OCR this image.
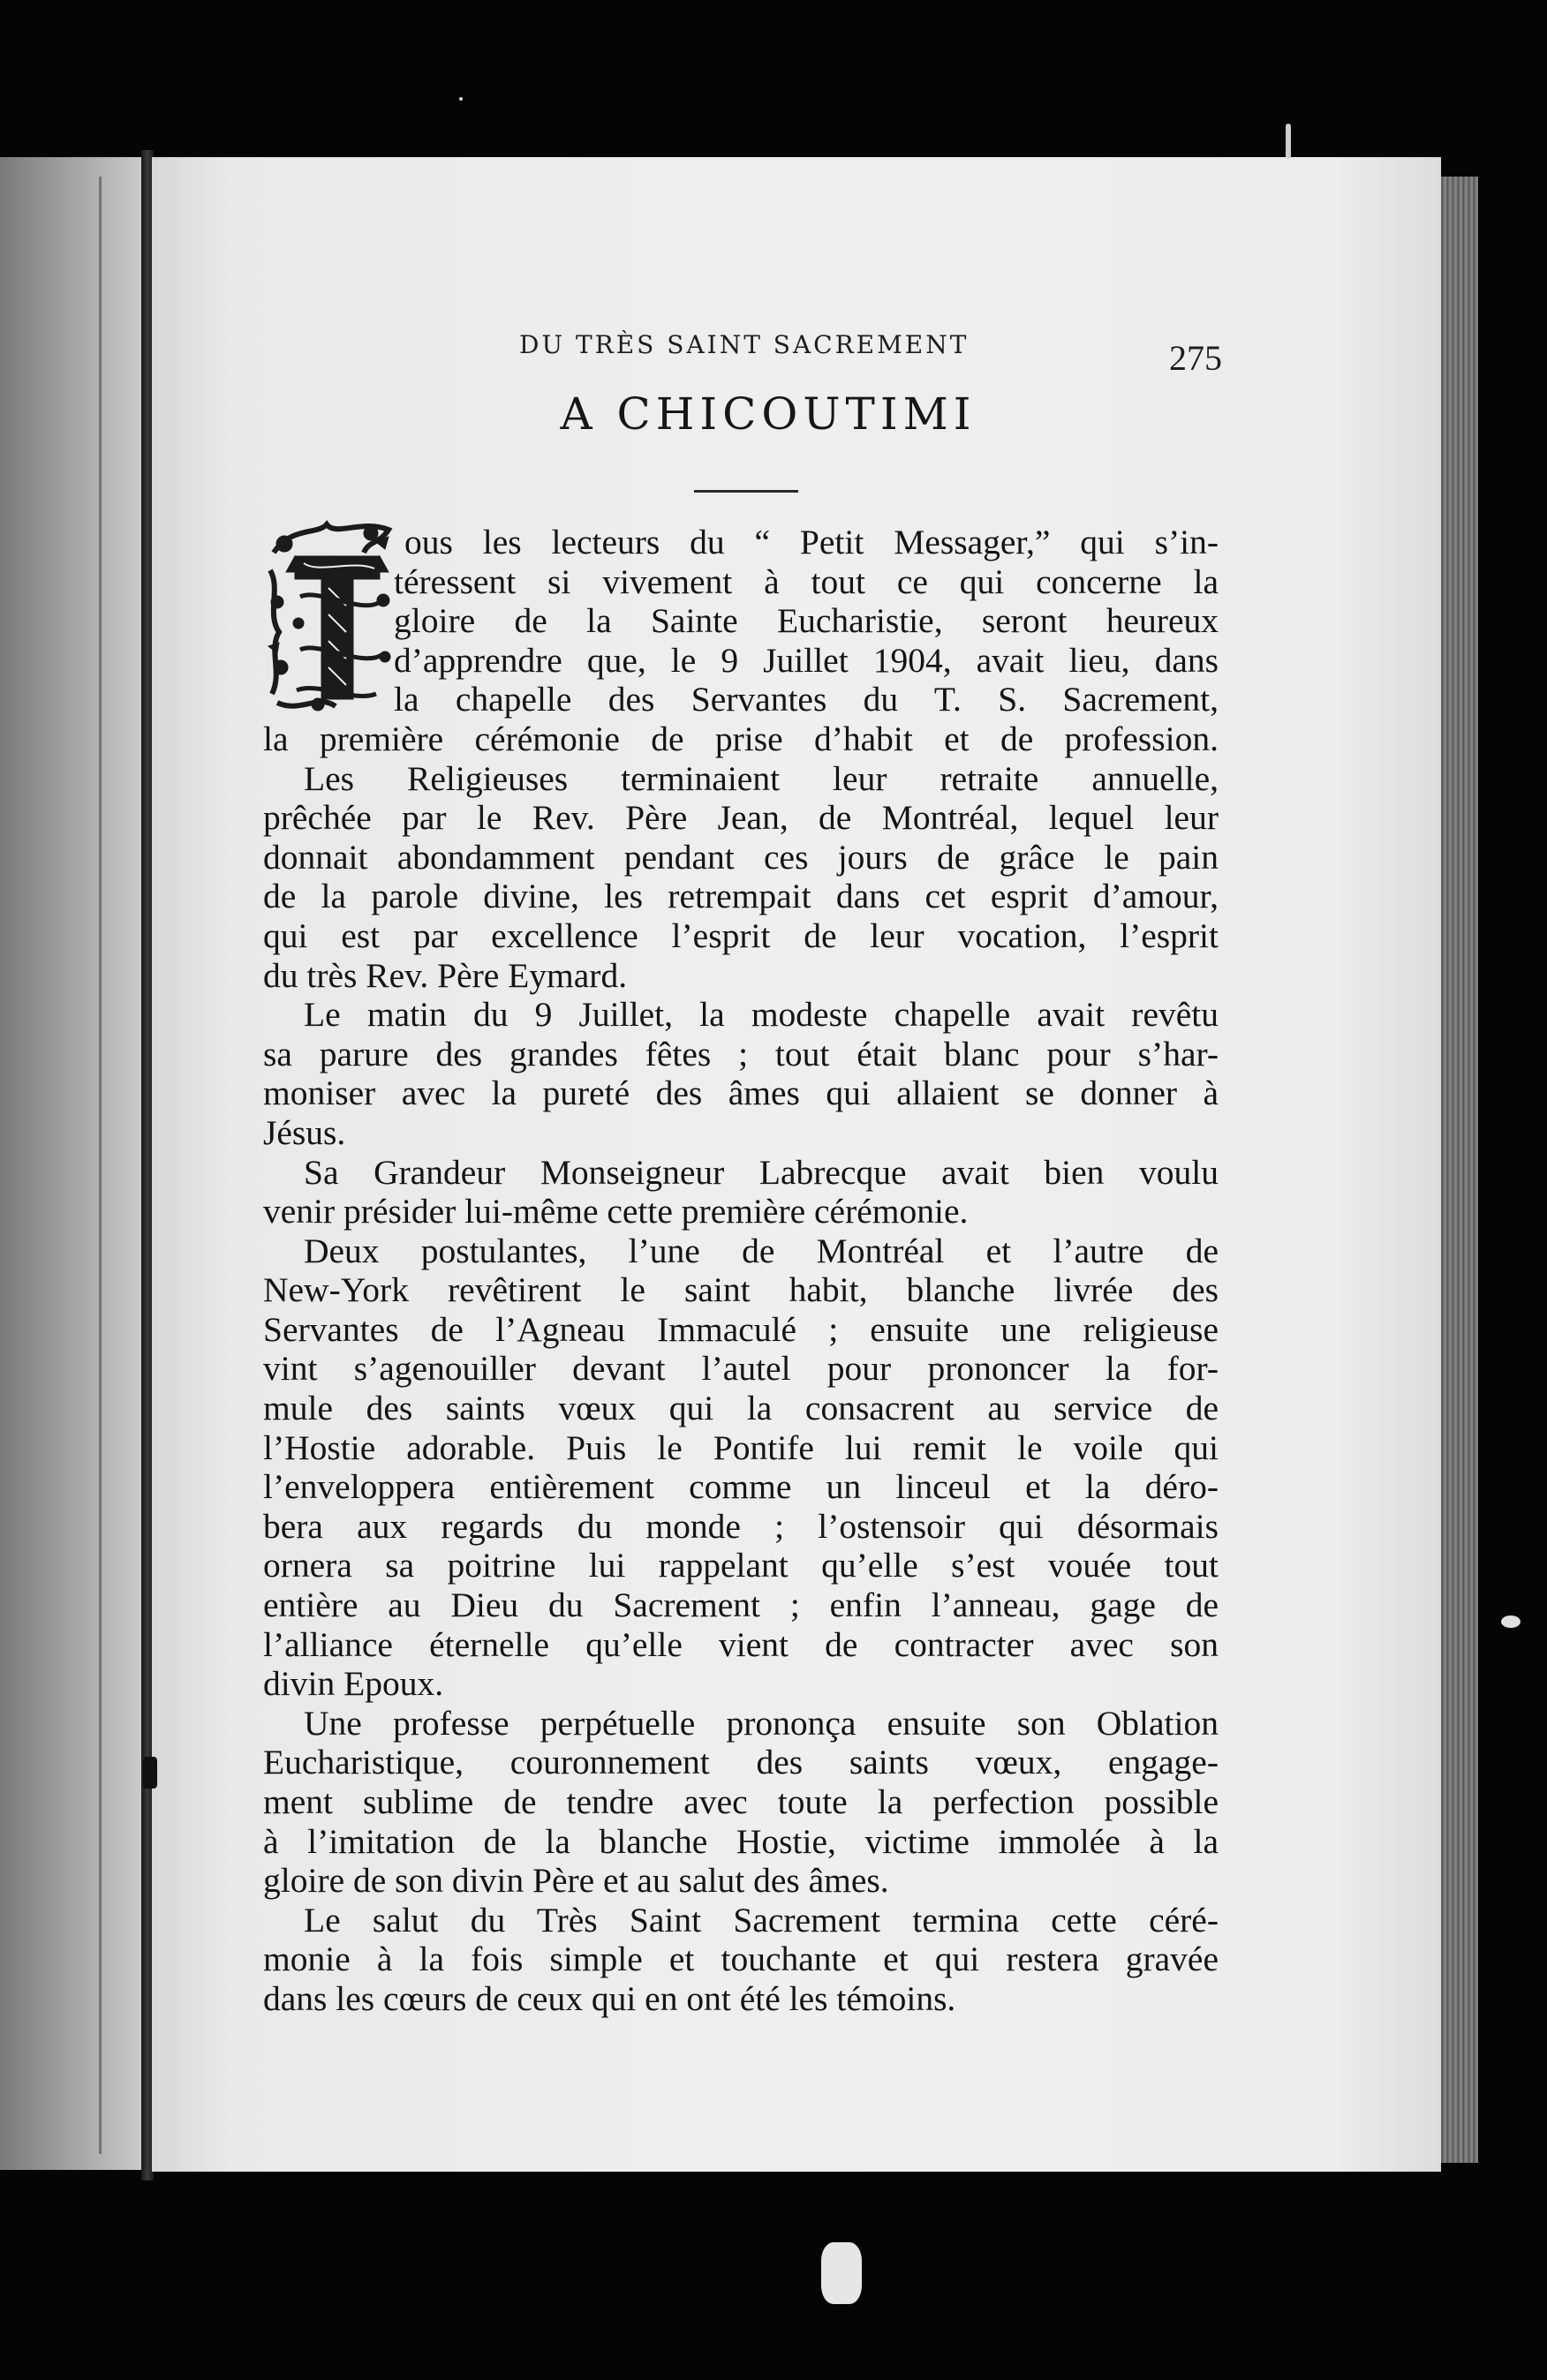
DU TRÈS SAINT SACREMENT	275
A CHICOUTIMI
T
ous les lecteurs du “ Petit Messager,” qui s’in-
téressent si vivement à tout ce qui concerne la
gloire de la Sainte Eucharistie, seront heureux
d’apprendre que, le 9 Juillet 1904, avait lieu, dans
la chapelle des Servantes du T. S. Sacrement,
la première cérémonie de prise d’habit et de profession.
Les Religieuses terminaient leur retraite annuelle,
prêchée par le Rev. Père Jean, de Montréal, lequel leur
donnait abondamment pendant ces jours de grâce le pain
de la parole divine, les retrempait dans cet esprit d’amour,
qui est par excellence l’esprit de leur vocation, l’esprit
du très Rev. Père Eymard.
Le matin du 9 Juillet, la modeste chapelle avait revêtu
sa parure des grandes fêtes ; tout était blanc pour s’har-
moniser avec la pureté des âmes qui allaient se donner à
Jésus.
Sa Grandeur Monseigneur Labrecque avait bien voulu
venir présider lui-même cette première cérémonie.
Deux postulantes, l’une de Montréal et l’autre de
New-York revêtirent le saint habit, blanche livrée des
Servantes de l’Agneau Immaculé ; ensuite une religieuse
vint s’agenouiller devant l’autel pour prononcer la for-
mule des saints vœux qui la consacrent au service de
l’Hostie adorable. Puis le Pontife lui remit le voile qui
l’envelopperа entièrement comme un linceul et la déro-
bera aux regards du monde ; l’ostensoir qui désormais
ornera sa poitrine lui rappelant qu’elle s’est vouée tout
entière au Dieu du Sacrement ; enfin l’anneau, gage de
l’alliance éternelle qu’elle vient de contracter avec son
divin Epoux.
Une professe perpétuelle prononça ensuite son Oblation
Eucharistique, couronnement des saints vœux, engage-
ment sublime de tendre avec toute la perfection possible
à l’imitation de la blanche Hostie, victime immolée à la
gloire de son divin Père et au salut des âmes.
Le salut du Très Saint Sacrement termina cette céré-
monie à la fois simple et touchante et qui restera gravée
dans les cœurs de ceux qui en ont été les témoins.
